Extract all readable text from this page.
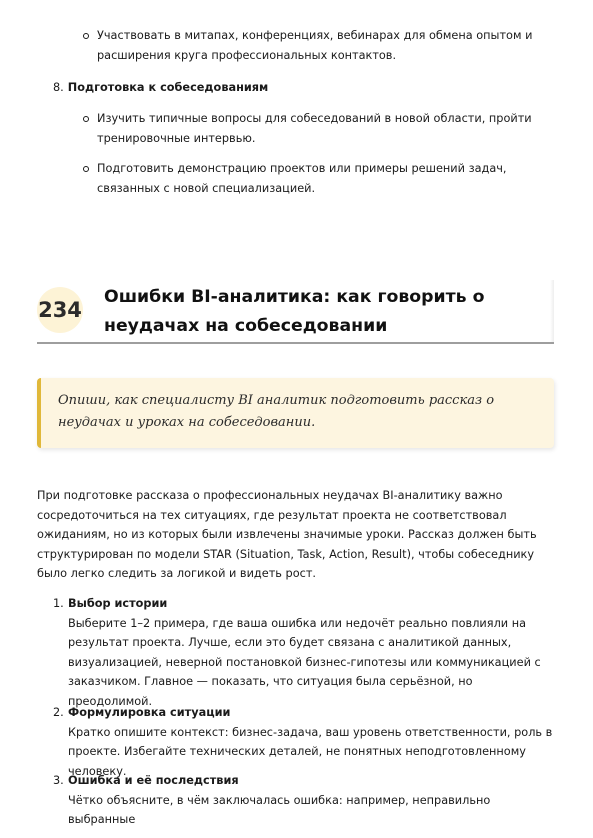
Участвовать в митапах, конференциях, вебинарах для обмена опытом и расширения круга профессиональных контактов.
8. Подготовка к собеседованиям
Изучить типичные вопросы для собеседований в новой области, пройти тренировочные интервью.
Подготовить демонстрацию проектов или примеры решений задач, связанных с новой специализацией.
234
Ошибки BI-аналитика: как говорить о неудачах на собеседовании
Опиши, как специалисту BI аналитик подготовить рассказ о неудачах и уроках на собеседовании.
При подготовке рассказа о профессиональных неудачах BI-аналитику важно сосредоточиться на тех ситуациях, где результат проекта не соответствовал ожиданиям, но из которых были извлечены значимые уроки. Рассказ должен быть структурирован по модели STAR (Situation, Task, Action, Result), чтобы собеседнику было легко следить за логикой и видеть рост.
1. Выбор истории
Выберите 1–2 примера, где ваша ошибка или недочёт реально повлияли на результат проекта. Лучше, если это будет связана с аналитикой данных, визуализацией, неверной постановкой бизнес-гипотезы или коммуникацией с заказчиком. Главное — показать, что ситуация была серьёзной, но преодолимой.
2. Формулировка ситуации
Кратко опишите контекст: бизнес-задача, ваш уровень ответственности, роль в проекте. Избегайте технических деталей, не понятных неподготовленному человеку.
3. Ошибка и её последствия
Чётко объясните, в чём заключалась ошибка: например, неправильно выбранные
